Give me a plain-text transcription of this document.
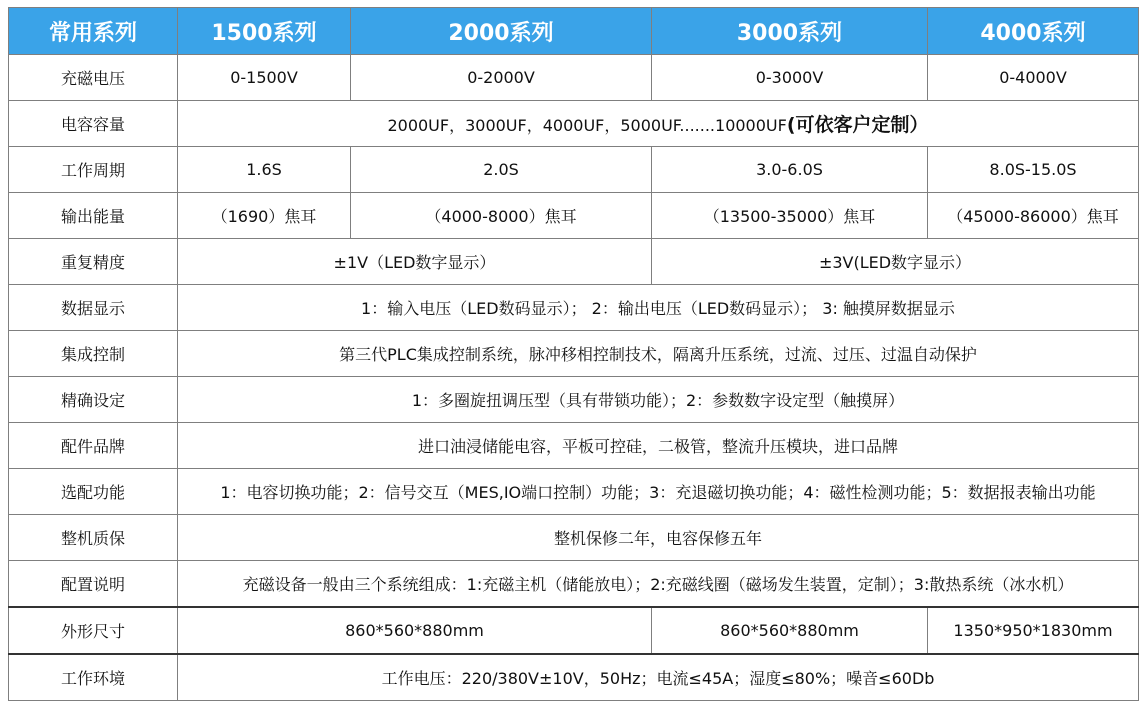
常用系列	1500系列	2000系列	3000系列	4000系列
充磁电压	0-1500V	0-2000V	0-3000V	0-4000V
电容容量	2000UF，3000UF，4000UF，5000UF.......10000UF(可依客户定制）			
工作周期	1.6S	2.0S	3.0-6.0S	8.0S-15.0S
输出能量	（1690）焦耳	（4000-8000）焦耳	（13500-35000）焦耳	（45000-86000）焦耳
重复精度	±1V（LED数字显示）		±3V(LED数字显示）	
数据显示	1：输入电压（LED数码显示）； 2：输出电压（LED数码显示）； 3: 触摸屏数据显示			
集成控制	第三代PLC集成控制系统，脉冲移相控制技术，隔离升压系统，过流、过压、过温自动保护			
精确设定	1：多圈旋扭调压型（具有带锁功能）；2：参数数字设定型（触摸屏）			
配件品牌	进口油浸储能电容，平板可控硅，二极管，整流升压模块，进口品牌			
选配功能	1：电容切换功能；2：信号交互（MES,IO端口控制）功能；3：充退磁切换功能；4：磁性检测功能；5：数据报表输出功能			
整机质保	整机保修二年，电容保修五年			
配置说明	充磁设备一般由三个系统组成：1:充磁主机（储能放电）；2:充磁线圈（磁场发生装置，定制）；3:散热系统（冰水机）			
外形尺寸	860*560*880mm		860*560*880mm	1350*950*1830mm
工作环境	工作电压：220/380V±10V，50Hz；电流≤45A；湿度≤80%；噪音≤60Db			
